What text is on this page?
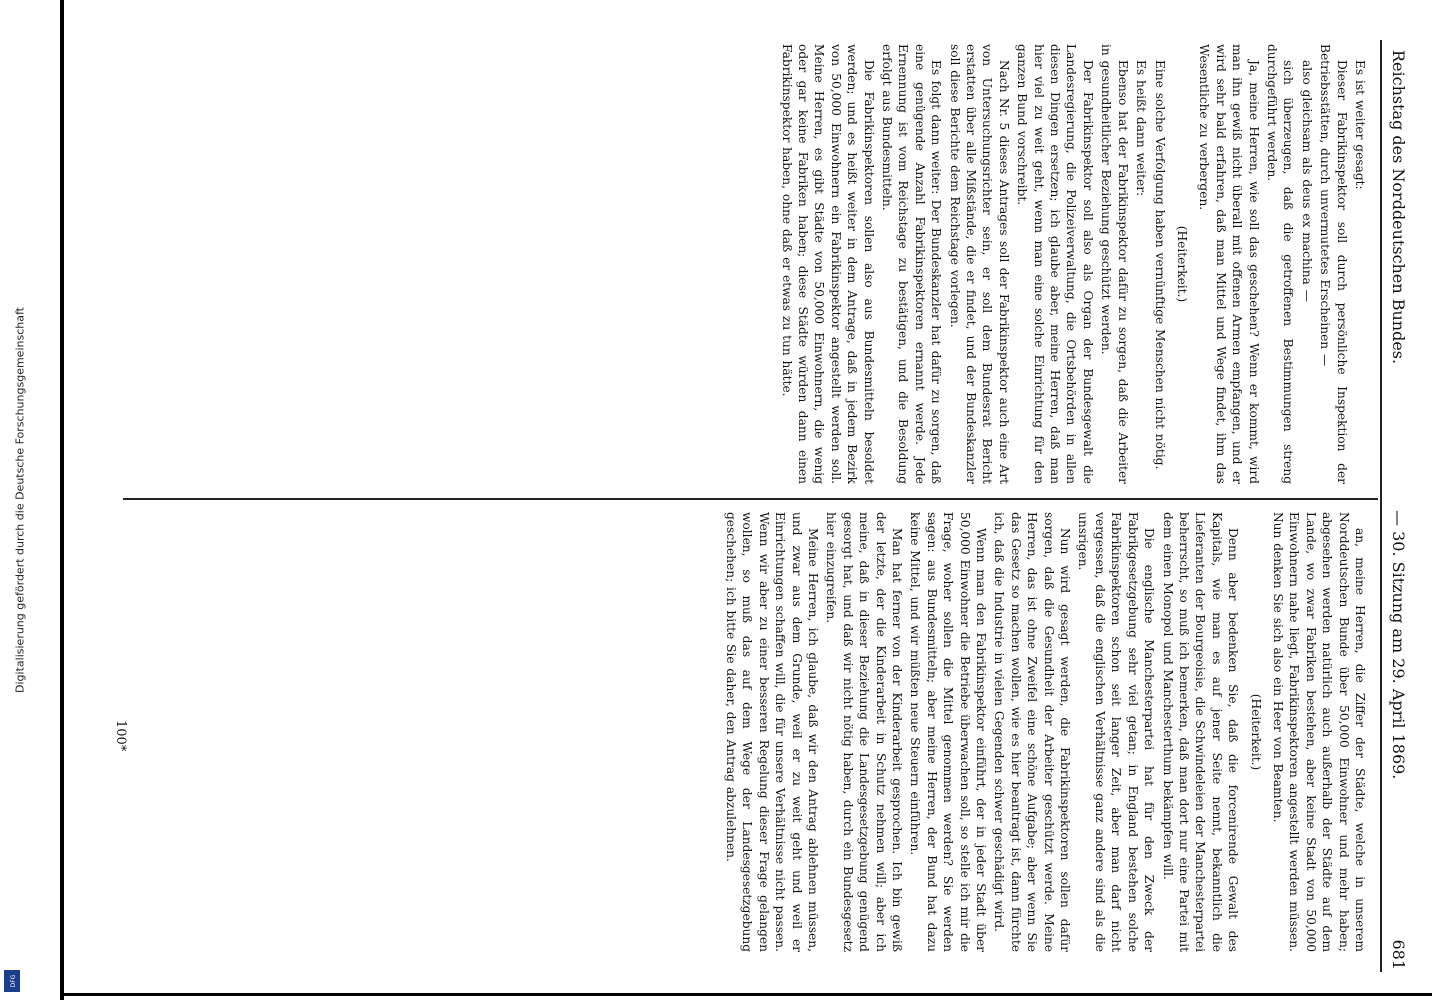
Digitalisierung gefördert durch die Deutsche Forschungsgemeinschaft
DFG
Reichstag des Norddeutschen Bundes.
— 30. Sitzung am 29. April 1869.
681

Es ist weiter gesagt:

Dieser Fabrikinspektor soll durch persönliche Inspektion der Betriebsstätten, durch unvermutetes Erscheinen —

also gleichsam als deus ex machina —

sich überzeugen, daß die getroffenen Bestimmungen streng durchgeführt werden.

Ja, meine Herren, wie soll das geschehen? Wenn er kommt, wird man ihn gewiß nicht überall mit offenen Armen empfangen, und er wird sehr bald erfahren, daß man Mittel und Wege findet, ihm das Wesentliche zu verbergen.

(Heiterkeit.)

Eine solche Verfolgung haben vernünftige Menschen nicht nötig.

Es heißt dann weiter:

Ebenso hat der Fabrikinspektor dafür zu sorgen, daß die Arbeiter in gesundheitlicher Beziehung geschützt werden.

Der Fabrikinspektor soll also als Organ der Bundesgewalt die Landesregierung, die Polizeiverwaltung, die Ortsbehörden in allen diesen Dingen ersetzen; ich glaube aber, meine Herren, daß man hier viel zu weit geht, wenn man eine solche Einrichtung für den ganzen Bund vorschreibt.

Nach Nr. 5 dieses Antrages soll der Fabrikinspektor auch eine Art von Untersuchungsrichter sein, er soll dem Bundesrat Bericht erstatten über alle Mißstände, die er findet, und der Bundeskanzler soll diese Berichte dem Reichstage vorlegen.

Es folgt dann weiter: Der Bundeskanzler hat dafür zu sorgen, daß eine genügende Anzahl Fabrikinspektoren ernannt werde. Jede Ernennung ist vom Reichstage zu bestätigen, und die Besoldung erfolgt aus Bundesmitteln.

Die Fabrikinspektoren sollen also aus Bundesmitteln besoldet werden; und es heißt weiter in dem Antrage, daß in jedem Bezirk von 50,000 Einwohnern ein Fabrikinspektor angestellt werden soll. Meine Herren, es gibt Städte von 50,000 Einwohnern, die wenig oder gar keine Fabriken haben; diese Städte würden dann einen Fabrikinspektor haben, ohne daß er etwas zu tun hätte.

an, meine Herren, die Ziffer der Städte, welche in unserem Norddeutschen Bunde über 50,000 Einwohner und mehr haben; abgesehen werden natürlich auch außerhalb der Städte auf dem Lande, wo zwar Fabriken bestehen, aber keine Stadt von 50,000 Einwohnern nahe liegt, Fabrikinspektoren angestellt werden müssen. Nun denken Sie sich also ein Heer von Beamten.

(Heiterkeit.)

Denn aber bedenken Sie, daß die forcenirende Gewalt des Kapitals, wie man es auf jener Seite nennt, bekanntlich die Lieferanten der Bourgeoisie, die Schwindeleien der Manchesterpartei beherrscht, so muß ich bemerken, daß man dort nur eine Partei mit dem einen Monopol und Manchesterthum bekämpfen will.

Die englische Manchesterpartei hat für den Zweck der Fabrikgesetzgebung sehr viel getan; in England bestehen solche Fabrikinspektoren schon seit langer Zeit, aber man darf nicht vergessen, daß die englischen Verhältnisse ganz andere sind als die unsrigen.

Nun wird gesagt werden, die Fabrikinspektoren sollen dafür sorgen, daß die Gesundheit der Arbeiter geschützt werde. Meine Herren, das ist ohne Zweifel eine schöne Aufgabe; aber wenn Sie das Gesetz so machen wollen, wie es hier beantragt ist, dann fürchte ich, daß die Industrie in vielen Gegenden schwer geschädigt wird.

Wenn man den Fabrikinspektor einführt, der in jeder Stadt über 50,000 Einwohner die Betriebe überwachen soll, so stelle ich mir die Frage, woher sollen die Mittel genommen werden? Sie werden sagen: aus Bundesmitteln; aber meine Herren, der Bund hat dazu keine Mittel, und wir müßten neue Steuern einführen.

Man hat ferner von der Kinderarbeit gesprochen. Ich bin gewiß der letzte, der die Kinderarbeit in Schutz nehmen will; aber ich meine, daß in dieser Beziehung die Landesgesetzgebung genügend gesorgt hat, und daß wir nicht nötig haben, durch ein Bundesgesetz hier einzugreifen.

Meine Herren, ich glaube, daß wir den Antrag ablehnen müssen, und zwar aus dem Grunde, weil er zu weit geht und weil er Einrichtungen schaffen will, die für unsere Verhältnisse nicht passen. Wenn wir aber zu einer besseren Regelung dieser Frage gelangen wollen, so muß das auf dem Wege der Landesgesetzgebung geschehen; ich bitte Sie daher, den Antrag abzulehnen.

100*
